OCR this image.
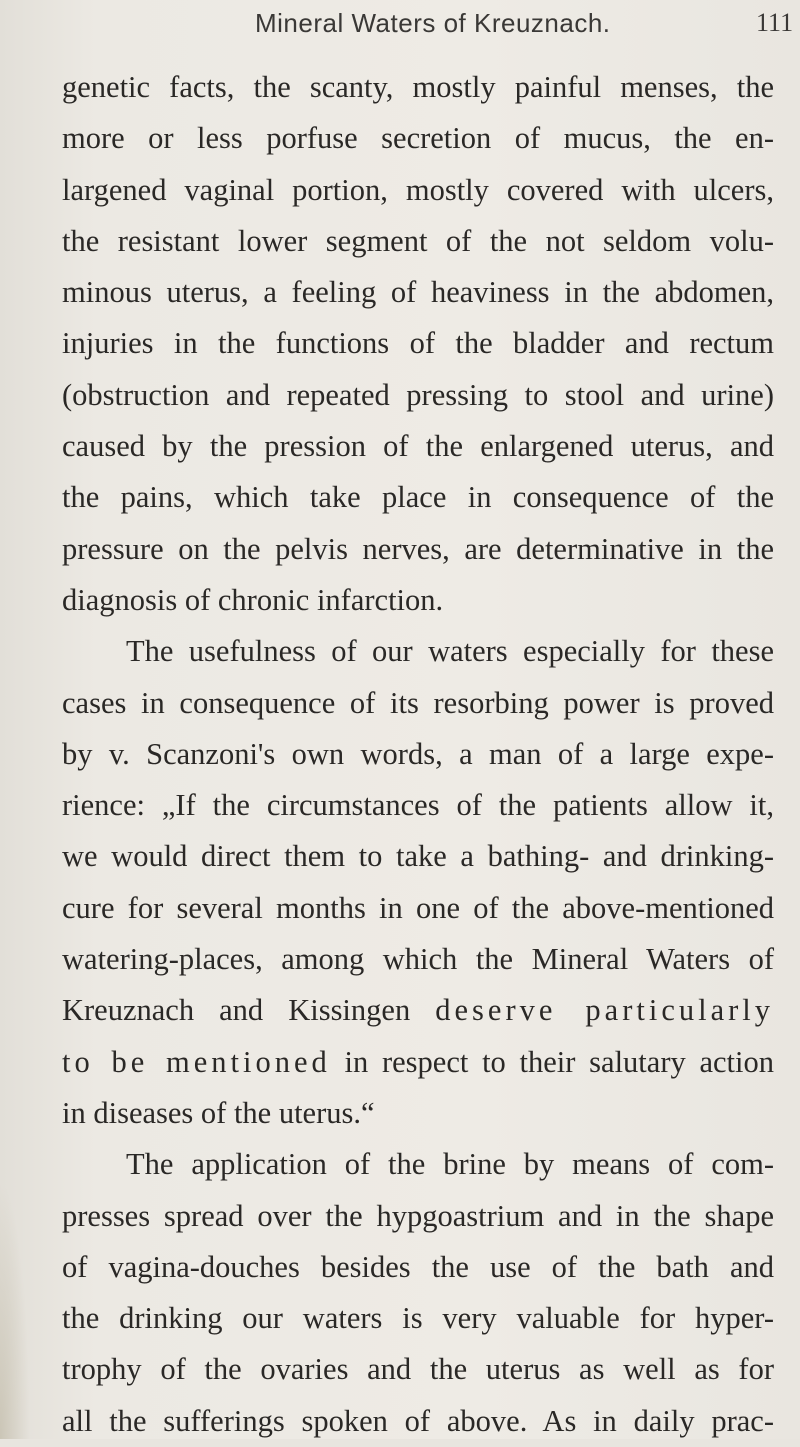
Mineral Waters of Kreuznach.	111
genetic facts, the scanty, mostly painful menses, the
more or less porfuse secretion of mucus, the en-
largened vaginal portion, mostly covered with ulcers,
the resistant lower segment of the not seldom volu-
minous uterus, a feeling of heaviness in the abdomen,
injuries in the functions of the bladder and rectum
(obstruction and repeated pressing to stool and urine)
caused by the pression of the enlargened uterus, and
the pains, which take place in consequence of the
pressure on the pelvis nerves, are determinative in the
diagnosis of chronic infarction.
The usefulness of our waters especially for these
cases in consequence of its resorbing power is proved
by v. Scanzoni's own words, a man of a large expe-
rience: „If the circumstances of the patients allow it,
we would direct them to take a bathing- and drinking-
cure for several months in one of the above-mentioned
watering-places, among which the Mineral Waters of
Kreuznach and Kissingen deserve particularly
to be mentioned in respect to their salutary action
in diseases of the uterus.“
The application of the brine by means of com-
presses spread over the hypgoastrium and in the shape
of vagina-douches besides the use of the bath and
the drinking our waters is very valuable for hyper-
trophy of the ovaries and the uterus as well as for
all the sufferings spoken of above. As in daily prac-
